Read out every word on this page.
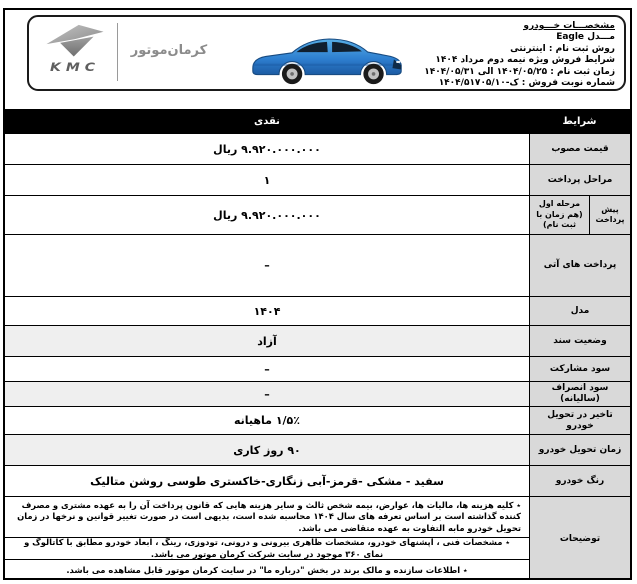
KMC
کرمان‌موتور
مشخصـــات خـــودرو
مـــدل Eagle
روش ثبت نام : اینترنتی
شرایط فروش ویژه نیمه دوم مرداد ۱۴۰۴
زمان ثبت نام : ۱۴۰۴/۰۵/۲۵ الی ۱۴۰۴/۰۵/۳۱
شماره نوبت فروش : ۱۴۰۴/۵۱۷ک-۰۵/۱۰
شرایط
نقدی
قیمت مصوب
۹.۹۲۰.۰۰۰.۰۰۰ ریال
مراحل پرداخت
۱
پیش پرداخت
مرحله اول
(هم زمان با ثبت نام)
۹.۹۲۰.۰۰۰.۰۰۰ ریال
پرداخت های آتی
–
مدل
۱۴۰۴
وضعیت سند
آزاد
سود مشارکت
–
سود انصراف (سالیانه)
–
تاخیر در تحویل خودرو
۱/۵٪ ماهیانه
زمان تحویل خودرو
۹۰ روز کاری
رنگ خودرو
سفید - مشکی -قرمز-آبی زنگاری-خاکستری طوسی روشن متالیک
توضیحات
٭ کلیه هزینه ها، مالیات ها، عوارض، بیمه شخص ثالث و سایر هزینه هایی که قانون پرداخت آن را به عهده مشتری و مصرف کننده گذاشته است بر اساس تعرفه های سال ۱۴۰۴ محاسبه شده است، بدیهی است در صورت تغییر قوانین و نرخها در زمان تحویل خودرو مابه التفاوت به عهده متقاضی می باشد.
٭ مشخصات فنی ، آپشنهای خودرو، مشخصات ظاهری بیرونی و درونی، تودوزی، رینگ ، ابعاد خودرو مطابق با کاتالوگ و نمای ۳۶۰ موجود در سایت شرکت کرمان موتور می باشد.
٭ اطلاعات سازنده و مالک برند در بخش "درباره ما" در سایت کرمان موتور قابل مشاهده می باشد.
